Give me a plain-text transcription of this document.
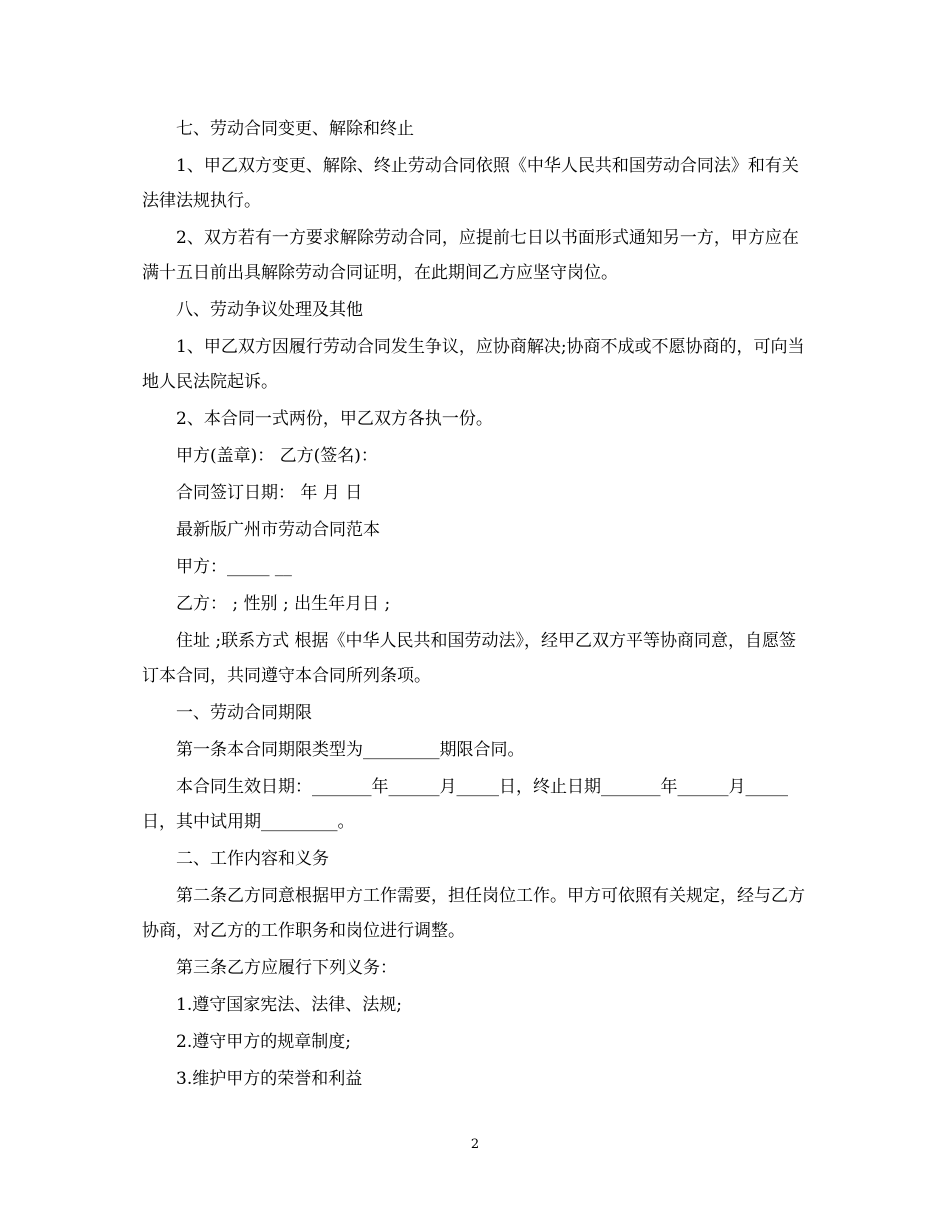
七、劳动合同变更、解除和终止

1、甲乙双方变更、解除、终止劳动合同依照《中华人民共和国劳动合同法》和有关法律法规执行。

2、双方若有一方要求解除劳动合同，应提前七日以书面形式通知另一方，甲方应在满十五日前出具解除劳动合同证明，在此期间乙方应坚守岗位。

八、劳动争议处理及其他

1、甲乙双方因履行劳动合同发生争议，应协商解决;协商不成或不愿协商的，可向当地人民法院起诉。

2、本合同一式两份，甲乙双方各执一份。

甲方(盖章)： 乙方(签名)：

合同签订日期： 年 月 日

最新版广州市劳动合同范本

甲方：_____ __

乙方： ; 性别 ; 出生年月日 ;

住址 ;联系方式 根据《中华人民共和国劳动法》，经甲乙双方平等协商同意，自愿签订本合同，共同遵守本合同所列条项。

一、劳动合同期限

第一条本合同期限类型为_________期限合同。

本合同生效日期：_______年______月_____日，终止日期_______年______月_____日，其中试用期_________。

二、工作内容和义务

第二条乙方同意根据甲方工作需要，担任岗位工作。甲方可依照有关规定，经与乙方协商，对乙方的工作职务和岗位进行调整。

第三条乙方应履行下列义务：

1.遵守国家宪法、法律、法规;

2.遵守甲方的规章制度;

3.维护甲方的荣誉和利益

2
